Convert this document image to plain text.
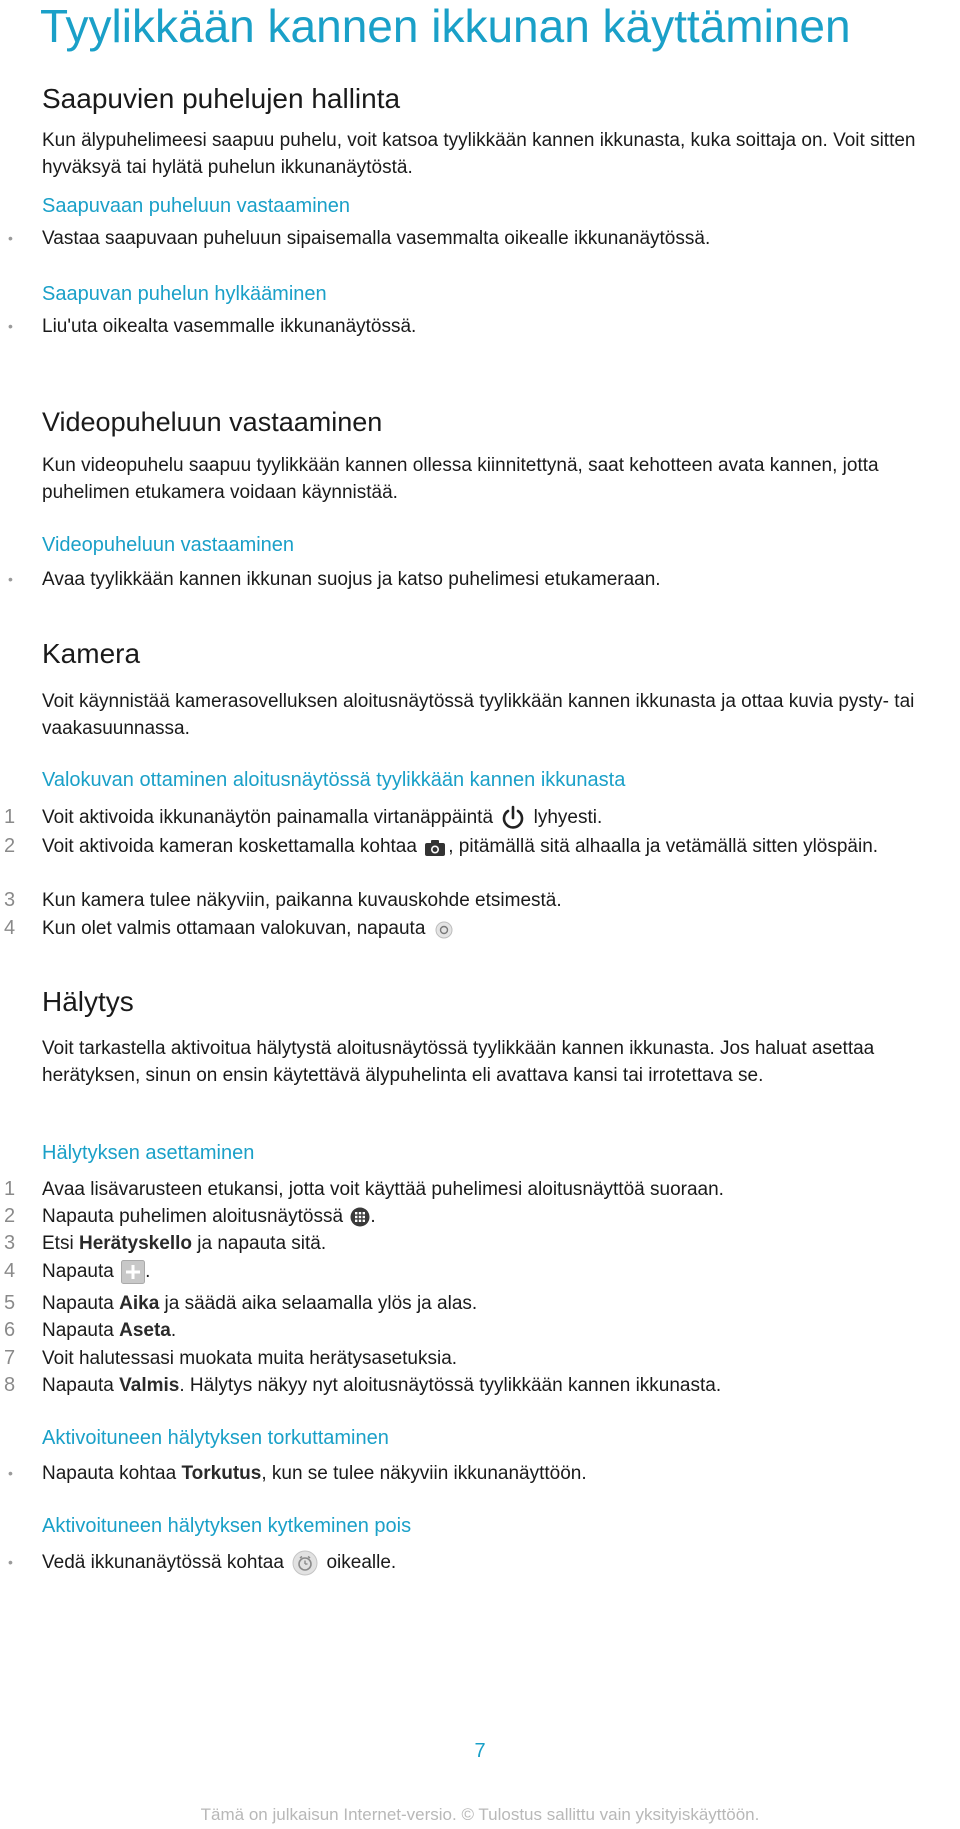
Tyylikkään kannen ikkunan käyttäminen
Saapuvien puhelujen hallinta

Kun älypuhelimeesi saapuu puhelu, voit katsoa tyylikkään kannen ikkunasta, kuka soittaja on. Voit sitten hyväksyä tai hylätä puhelun ikkunanäytöstä.

Saapuvaan puheluun vastaaminen
• Vastaa saapuvaan puheluun sipaisemalla vasemmalta oikealle ikkunanäytössä.
Saapuvan puhelun hylkääminen
• Liu'uta oikealta vasemmalle ikkunanäytössä.
Videopuheluun vastaaminen

Kun videopuhelu saapuu tyylikkään kannen ollessa kiinnitettynä, saat kehotteen avata kannen, jotta puhelimen etukamera voidaan käynnistää.

Videopuheluun vastaaminen
• Avaa tyylikkään kannen ikkunan suojus ja katso puhelimesi etukameraan.
Kamera

Voit käynnistää kamerasovelluksen aloitusnäytössä tyylikkään kannen ikkunasta ja ottaa kuvia pysty- tai vaakasuunnassa.

Valokuvan ottaminen aloitusnäytössä tyylikkään kannen ikkunasta
1 Voit aktivoida ikkunanäytön painamalla virtanäppäintä lyhyesti.
2 Voit aktivoida kameran koskettamalla kohtaa , pitämällä sitä alhaalla ja vetämällä sitten ylöspäin.
3 Kun kamera tulee näkyviin, paikanna kuvauskohde etsimestä.
4 Kun olet valmis ottamaan valokuvan, napauta
Hälytys

Voit tarkastella aktivoitua hälytystä aloitusnäytössä tyylikkään kannen ikkunasta. Jos haluat asettaa herätyksen, sinun on ensin käytettävä älypuhelinta eli avattava kansi tai irrotettava se.

Hälytyksen asettaminen
1 Avaa lisävarusteen etukansi, jotta voit käyttää puhelimesi aloitusnäyttöä suoraan.
2 Napauta puhelimen aloitusnäytössä .
3 Etsi Herätyskello ja napauta sitä.
4 Napauta .
5 Napauta Aika ja säädä aika selaamalla ylös ja alas.
6 Napauta Aseta.
7 Voit halutessasi muokata muita herätysasetuksia.
8 Napauta Valmis. Hälytys näkyy nyt aloitusnäytössä tyylikkään kannen ikkunasta.
Aktivoituneen hälytyksen torkuttaminen
• Napauta kohtaa Torkutus, kun se tulee näkyviin ikkunanäyttöön.
Aktivoituneen hälytyksen kytkeminen pois
• Vedä ikkunanäytössä kohtaa oikealle.
7
Tämä on julkaisun Internet-versio. © Tulostus sallittu vain yksityiskäyttöön.
